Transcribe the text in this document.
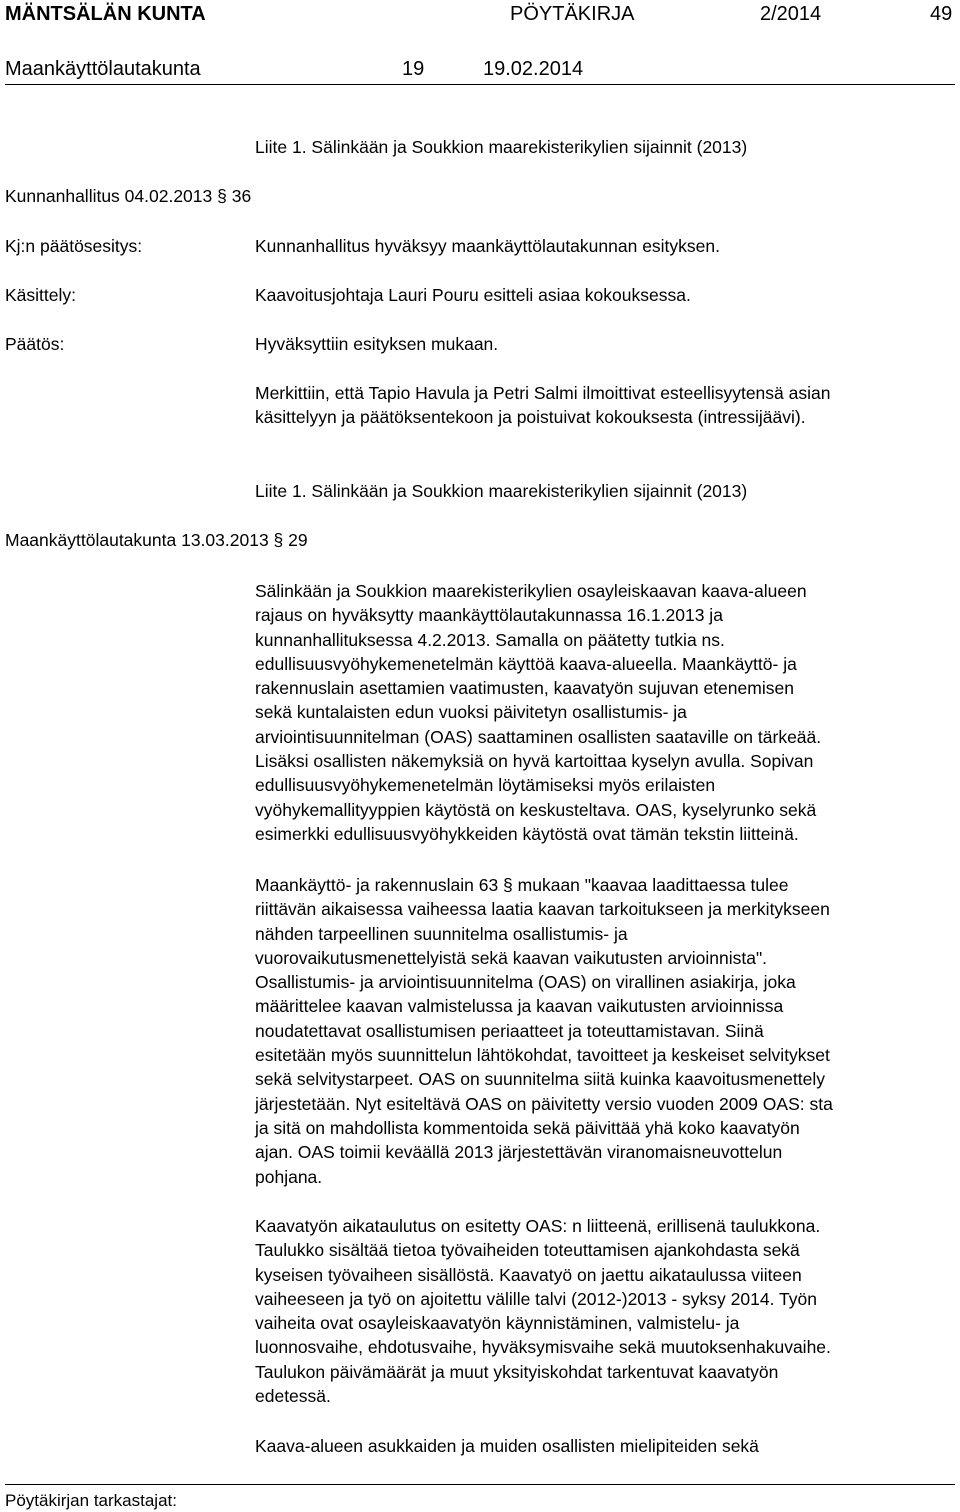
MÄNTSÄLÄN KUNTA	PÖYTÄKIRJA	2/2014	49
Maankäyttölautakunta	19	19.02.2014
Liite 1. Sälinkään ja Soukkion maarekisterikylien sijainnit (2013)
Kunnanhallitus 04.02.2013 § 36
Kj:n päätösesitys:	Kunnanhallitus hyväksyy maankäyttölautakunnan esityksen.
Käsittely:	Kaavoitusjohtaja Lauri Pouru esitteli asiaa kokouksessa.
Päätös:	Hyväksyttiin esityksen mukaan.
Merkittiin, että Tapio Havula ja Petri Salmi ilmoittivat esteellisyytensä asian
käsittelyyn ja päätöksentekoon ja poistuivat kokouksesta (intressijäävi).
Liite 1. Sälinkään ja Soukkion maarekisterikylien sijainnit (2013)
Maankäyttölautakunta 13.03.2013 § 29
Sälinkään ja Soukkion maarekisterikylien osayleiskaavan kaava-alueen
rajaus on hyväksytty maankäyttölautakunnassa 16.1.2013 ja
kunnanhallituksessa 4.2.2013. Samalla on päätetty tutkia ns.
edullisuusvyöhykemenetelmän käyttöä kaava-alueella. Maankäyttö- ja
rakennuslain asettamien vaatimusten, kaavatyön sujuvan etenemisen
sekä kuntalaisten edun vuoksi päivitetyn osallistumis- ja
arviointisuunnitelman (OAS) saattaminen osallisten saataville on tärkeää.
Lisäksi osallisten näkemyksiä on hyvä kartoittaa kyselyn avulla. Sopivan
edullisuusvyöhykemenetelmän löytämiseksi myös erilaisten
vyöhykemallityyppien käytöstä on keskusteltava. OAS, kyselyrunko sekä
esimerkki edullisuusvyöhykkeiden käytöstä ovat tämän tekstin liitteinä.
Maankäyttö- ja rakennuslain 63 § mukaan "kaavaa laadittaessa tulee
riittävän aikaisessa vaiheessa laatia kaavan tarkoitukseen ja merkitykseen
nähden tarpeellinen suunnitelma osallistumis- ja
vuorovaikutusmenettelyistä sekä kaavan vaikutusten arvioinnista".
Osallistumis- ja arviointisuunnitelma (OAS) on virallinen asiakirja, joka
määrittelee kaavan valmistelussa ja kaavan vaikutusten arvioinnissa
noudatettavat osallistumisen periaatteet ja toteuttamistavan. Siinä
esitetään myös suunnittelun lähtökohdat, tavoitteet ja keskeiset selvitykset
sekä selvitystarpeet. OAS on suunnitelma siitä kuinka kaavoitusmenettely
järjestetään. Nyt esiteltävä OAS on päivitetty versio vuoden 2009 OAS: sta
ja sitä on mahdollista kommentoida sekä päivittää yhä koko kaavatyön
ajan. OAS toimii keväällä 2013 järjestettävän viranomaisneuvottelun
pohjana.
Kaavatyön aikataulutus on esitetty OAS: n liitteenä, erillisenä taulukkona.
Taulukko sisältää tietoa työvaiheiden toteuttamisen ajankohdasta sekä
kyseisen työvaiheen sisällöstä. Kaavatyö on jaettu aikataulussa viiteen
vaiheeseen ja työ on ajoitettu välille talvi (2012-)2013 - syksy 2014. Työn
vaiheita ovat osayleiskaavatyön käynnistäminen, valmistelu- ja
luonnosvaihe, ehdotusvaihe, hyväksymisvaihe sekä muutoksenhakuvaihe.
Taulukon päivämäärät ja muut yksityiskohdat tarkentuvat kaavatyön
edetessä.
Kaava-alueen asukkaiden ja muiden osallisten mielipiteiden sekä
Pöytäkirjan tarkastajat:
